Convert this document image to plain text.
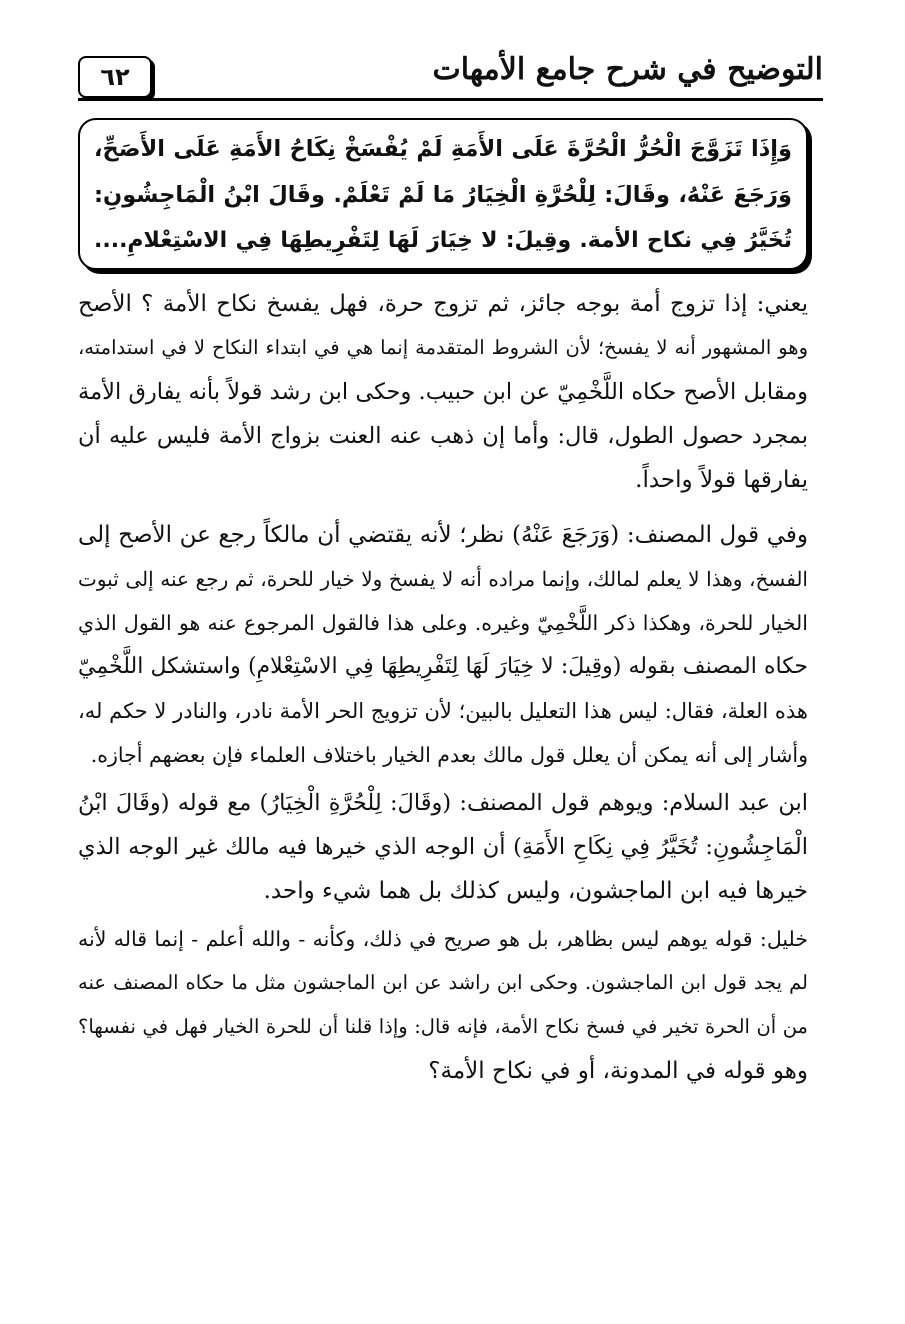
٦٢	التوضيح في شرح جامع الأمهات
وَإِذَا تَزَوَّجَ الْحُرُّ الْحُرَّةَ عَلَى الأَمَةِ لَمْ يُفْسَخْ نِكَاحُ الأَمَةِ عَلَى الأَصَحِّ،
وَرَجَعَ عَنْهُ، وقَالَ: لِلْحُرَّةِ الْخِيَارُ مَا لَمْ تَعْلَمْ. وقَالَ ابْنُ الْمَاجِشُونِ:
تُخَيَّرُ فِي نكاح الأمة. وقِيلَ: لا خِيَارَ لَهَا لِتَفْرِيطِهَا فِي الاسْتِعْلامِ....
يعني: إذا تزوج أمة بوجه جائز، ثم تزوج حرة، فهل يفسخ نكاح الأمة ؟ الأصح
وهو المشهور أنه لا يفسخ؛ لأن الشروط المتقدمة إنما هي في ابتداء النكاح لا في استدامته،
ومقابل الأصح حكاه اللَّخْمِيّ عن ابن حبيب. وحكى ابن رشد قولاً بأنه يفارق الأمة
بمجرد حصول الطول، قال: وأما إن ذهب عنه العنت بزواج الأمة فليس عليه أن
يفارقها قولاً واحداً.
وفي قول المصنف: (وَرَجَعَ عَنْهُ) نظر؛ لأنه يقتضي أن مالكاً رجع عن الأصح إلى
الفسخ، وهذا لا يعلم لمالك، وإنما مراده أنه لا يفسخ ولا خيار للحرة، ثم رجع عنه إلى ثبوت
الخيار للحرة، وهكذا ذكر اللَّخْمِيّ وغيره. وعلى هذا فالقول المرجوع عنه هو القول الذي
حكاه المصنف بقوله (وقِيلَ: لا خِيَارَ لَهَا لِتَفْرِيطِهَا فِي الاسْتِعْلامِ) واستشكل اللَّخْمِيّ
هذه العلة، فقال: ليس هذا التعليل بالبين؛ لأن تزويج الحر الأمة نادر، والنادر لا حكم له،
وأشار إلى أنه يمكن أن يعلل قول مالك بعدم الخيار باختلاف العلماء فإن بعضهم أجازه.
ابن عبد السلام: ويوهم قول المصنف: (وقَالَ: لِلْحُرَّةِ الْخِيَارُ) مع قوله (وقَالَ ابْنُ
الْمَاجِشُونِ: تُخَيَّرُ فِي نِكَاحِ الأَمَةِ) أن الوجه الذي خيرها فيه مالك غير الوجه الذي
خيرها فيه ابن الماجشون، وليس كذلك بل هما شيء واحد.
خليل: قوله يوهم ليس بظاهر، بل هو صريح في ذلك، وكأنه - والله أعلم - إنما قاله لأنه
لم يجد قول ابن الماجشون. وحكى ابن راشد عن ابن الماجشون مثل ما حكاه المصنف عنه
من أن الحرة تخير في فسخ نكاح الأمة، فإنه قال: وإذا قلنا أن للحرة الخيار فهل في نفسها؟
وهو قوله في المدونة، أو في نكاح الأمة؟
